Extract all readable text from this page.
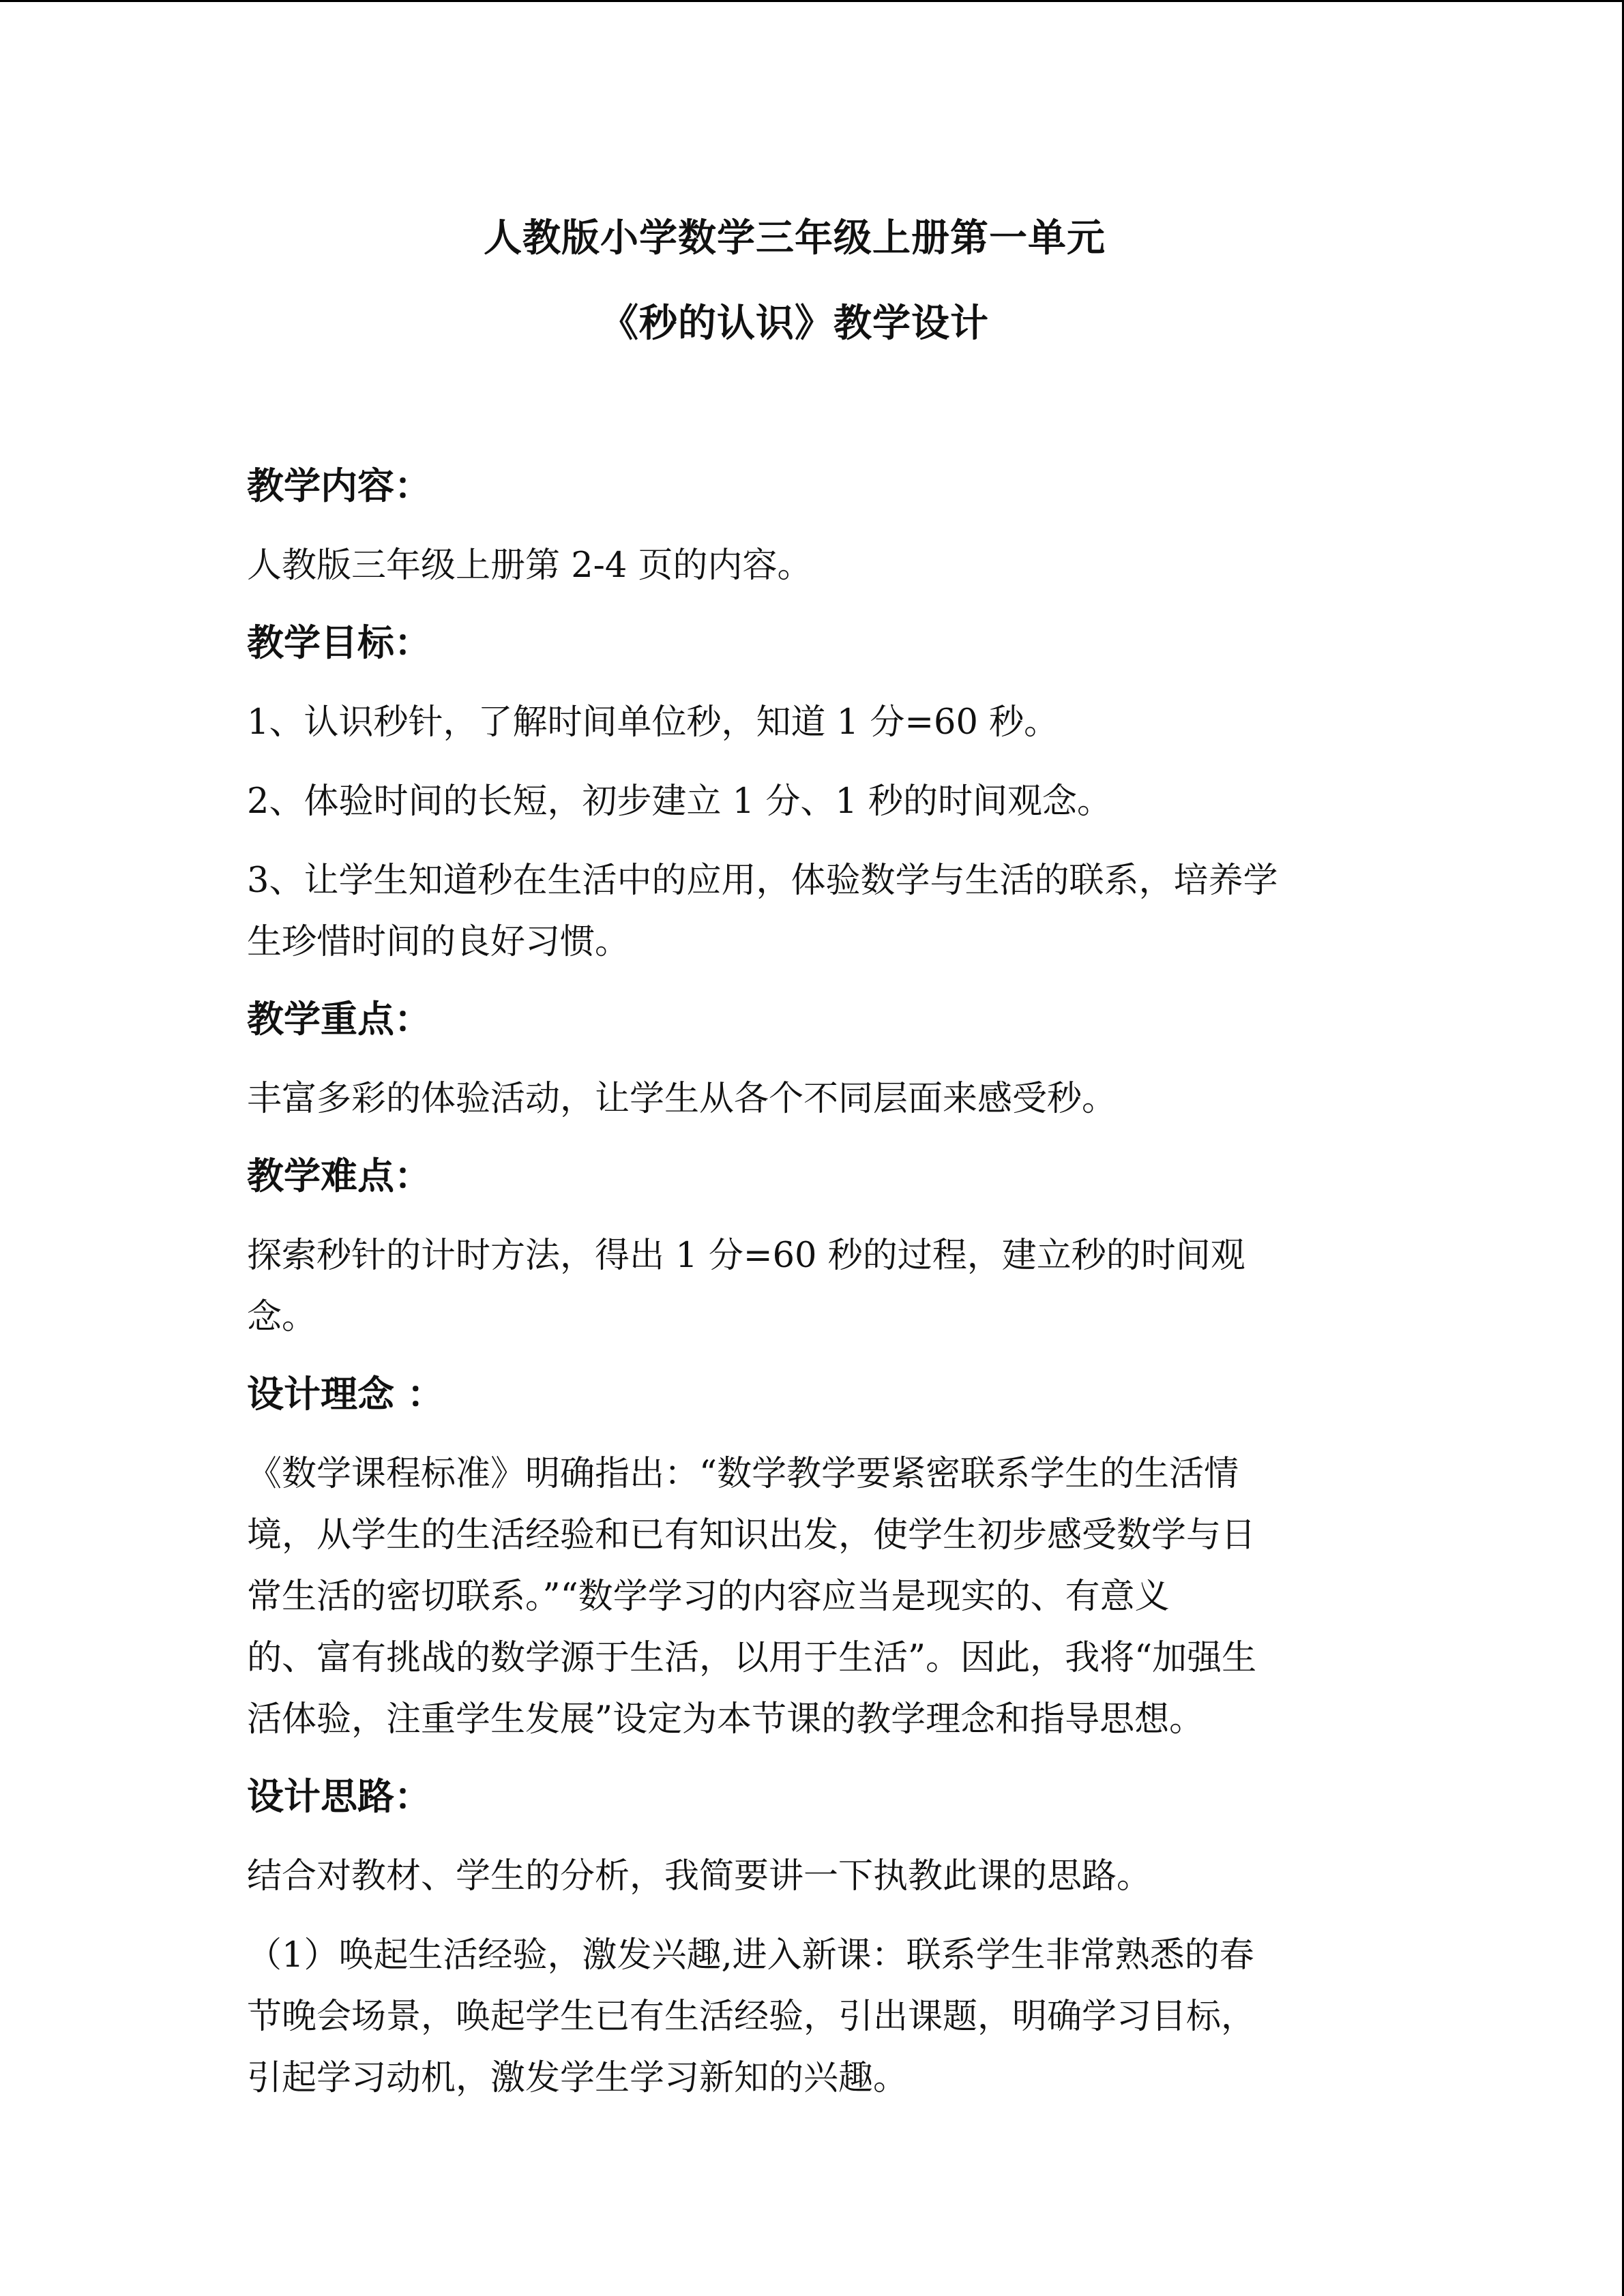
人教版小学数学三年级上册第一单元
《秒的认识》教学设计
教学内容：
人教版三年级上册第 2-4 页的内容。
教学目标：
1、认识秒针，了解时间单位秒，知道 1 分=60 秒。
2、体验时间的长短，初步建立 1 分、1 秒的时间观念。
3、让学生知道秒在生活中的应用，体验数学与生活的联系，培养学
生珍惜时间的良好习惯。
教学重点：
丰富多彩的体验活动，让学生从各个不同层面来感受秒。
教学难点：
探索秒针的计时方法，得出 1 分=60 秒的过程，建立秒的时间观
念。
设计理念 ：
《数学课程标准》明确指出：“数学教学要紧密联系学生的生活情
境，从学生的生活经验和已有知识出发，使学生初步感受数学与日
常生活的密切联系。”“数学学习的内容应当是现实的、有意义
的、富有挑战的数学源于生活，以用于生活”。因此，我将“加强生
活体验，注重学生发展”设定为本节课的教学理念和指导思想。
设计思路：
结合对教材、学生的分析，我简要讲一下执教此课的思路。
（1）唤起生活经验，激发兴趣,进入新课：联系学生非常熟悉的春
节晚会场景，唤起学生已有生活经验，引出课题，明确学习目标，
引起学习动机，激发学生学习新知的兴趣。
